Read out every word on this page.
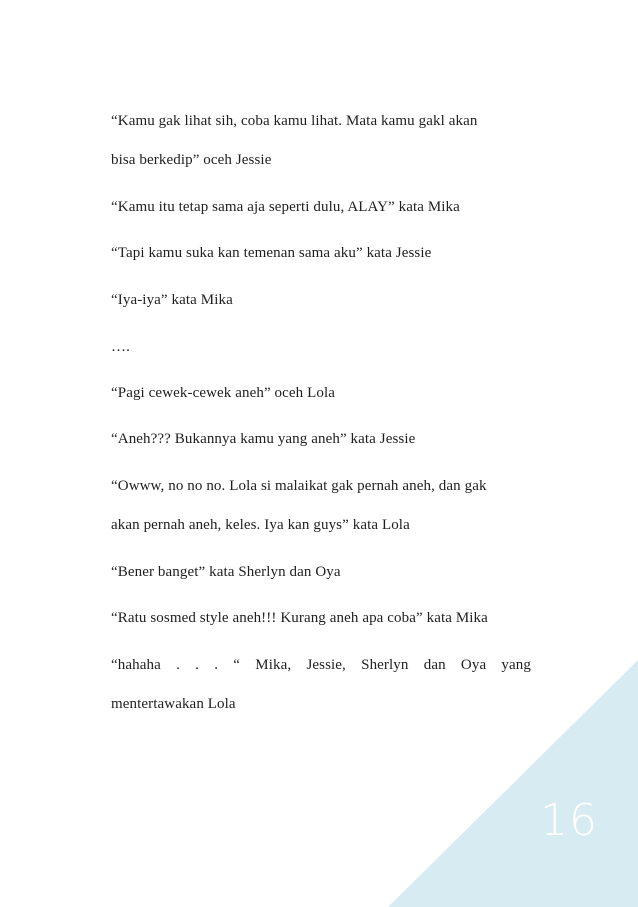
“Kamu gak lihat sih, coba kamu lihat. Mata kamu gakl akan
bisa berkedip” oceh Jessie
“Kamu itu tetap sama aja seperti dulu, ALAY” kata Mika
“Tapi kamu suka kan temenan sama aku” kata Jessie
“Iya-iya” kata Mika
….
“Pagi cewek-cewek aneh” oceh Lola
“Aneh??? Bukannya kamu yang aneh” kata Jessie
“Owww, no no no. Lola si malaikat gak pernah aneh, dan gak
akan pernah aneh, keles. Iya kan guys” kata Lola
“Bener banget” kata Sherlyn dan Oya
“Ratu sosmed style aneh!!! Kurang aneh apa coba” kata Mika
“hahaha . . . “ Mika, Jessie, Sherlyn dan Oya yang
mentertawakan Lola
16
